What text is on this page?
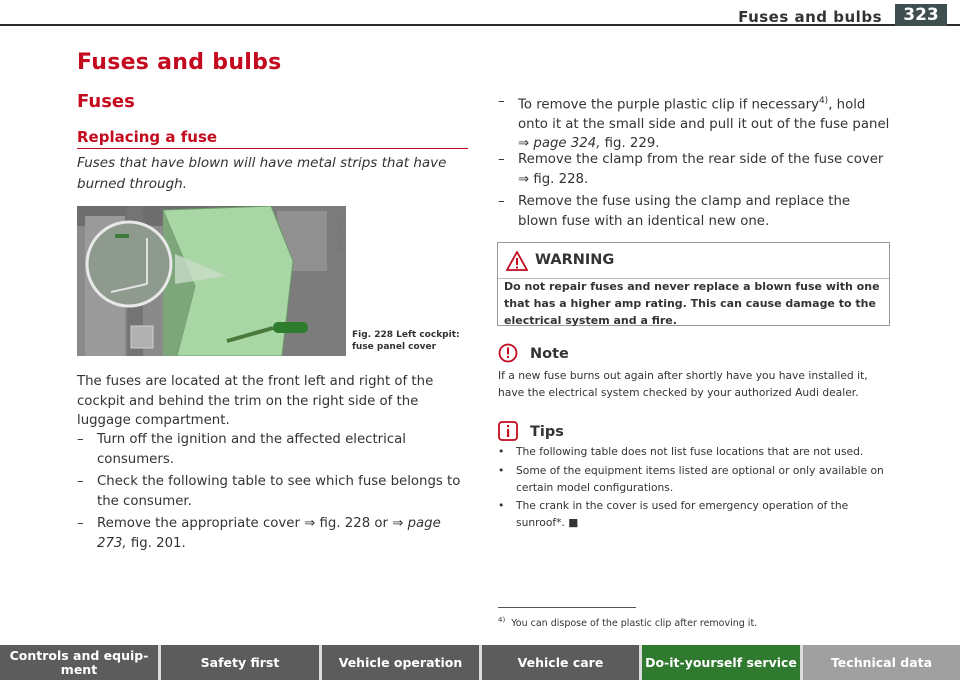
Fuses and bulbs	323
Fuses and bulbs
Fuses
Replacing a fuse
Fuses that have blown will have metal strips that have burned through.
B8K-0696
Fig. 228 Left cockpit: fuse panel cover
The fuses are located at the front left and right of the cockpit and behind the trim on the right side of the luggage compartment.
–	Turn off the ignition and the affected electrical consumers.
–	Check the following table to see which fuse belongs to the consumer.
–	Remove the appropriate cover ⇒ fig. 228 or ⇒ page 273, fig. 201.
–	To remove the purple plastic clip if necessary$^{4)}$, hold onto it at the small side and pull it out of the fuse panel ⇒ page 324, fig. 229.
–	Remove the clamp from the rear side of the fuse cover ⇒ fig. 228.
–	Remove the fuse using the clamp and replace the blown fuse with an identical new one.
WARNING
Do not repair fuses and never replace a blown fuse with one that has a higher amp rating. This can cause damage to the electrical system and a fire.
Note
If a new fuse burns out again after shortly have you have installed it, have the electrical system checked by your authorized Audi dealer.
Tips
•	The following table does not list fuse locations that are not used.
•	Some of the equipment items listed are optional or only available on certain model configurations.
•	The crank in the cover is used for emergency operation of the sunroof*. ■
$^{4)}$ You can dispose of the plastic clip after removing it.
Controls and equip-ment	Safety first	Vehicle operation	Vehicle care	Do-it-yourself service	Technical data
